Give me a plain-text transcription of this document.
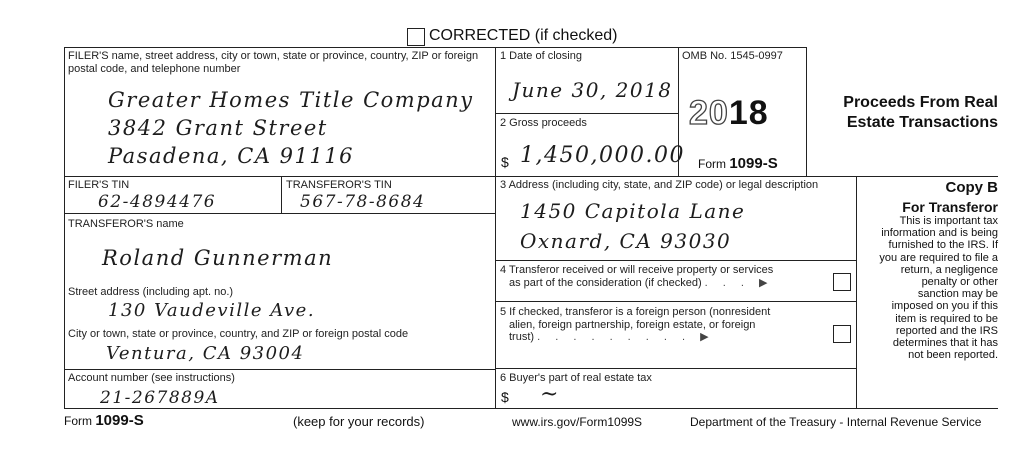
CORRECTED (if checked)
FILER'S name, street address, city or town, state or province, country, ZIP or foreign postal code, and telephone number
Greater Homes Title Company
3842 Grant Street
Pasadena, CA 91116
1 Date of closing
June 30, 2018
OMB No. 1545-0997
2018
Form 1099-S
2 Gross proceeds
$ 1,450,000.00
Proceeds From Real
Estate Transactions
FILER'S TIN
62-4894476
TRANSFEROR'S TIN
567-78-8684
TRANSFEROR'S name
Roland Gunnerman
Street address (including apt. no.)
130 Vaudeville Ave.
City or town, state or province, country, and ZIP or foreign postal code
Ventura, CA 93004
Account number (see instructions)
21-267889A
3 Address (including city, state, and ZIP code) or legal description
1450 Capitola Lane
Oxnard, CA 93030
4 Transferor received or will receive property or services
as part of the consideration (if checked) . . . ▶
5 If checked, transferor is a foreign person (nonresident
alien, foreign partnership, foreign estate, or foreign
trust) . . . . . . . . . ▶
6 Buyer's part of real estate tax
$ ~
Copy B
For Transferor
This is important tax
information and is being
furnished to the IRS. If
you are required to file a
return, a negligence
penalty or other
sanction may be
imposed on you if this
item is required to be
reported and the IRS
determines that it has
not been reported.
Form 1099-S	(keep for your records)	www.irs.gov/Form1099S	Department of the Treasury - Internal Revenue Service
